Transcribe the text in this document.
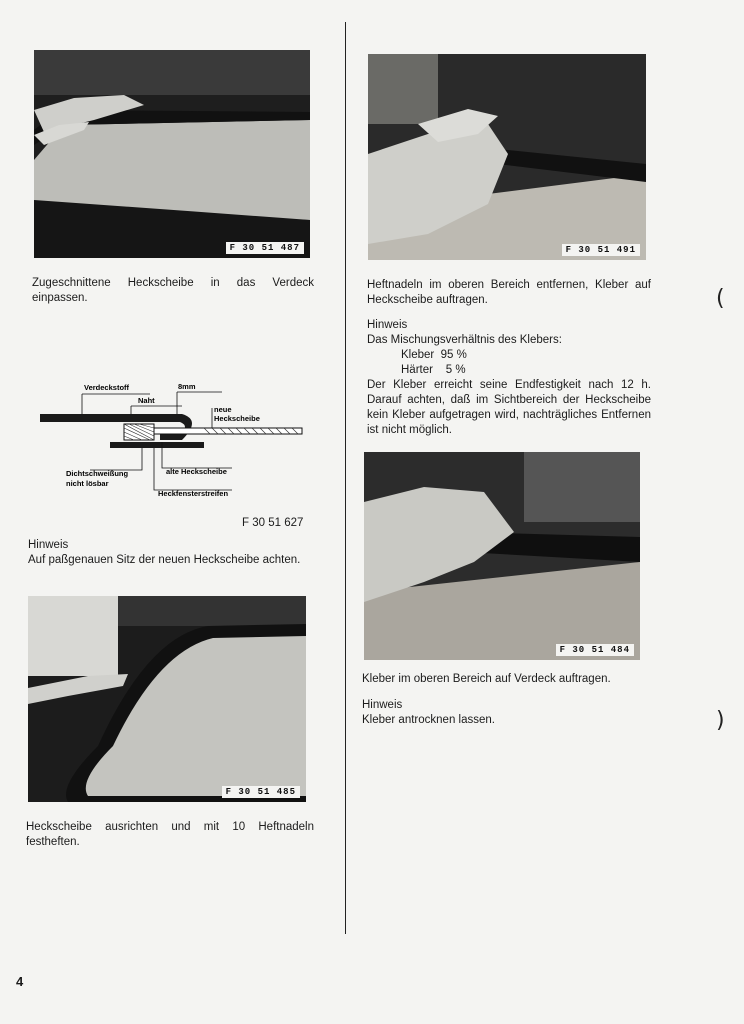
F 30 51 487
Zugeschnittene Heckscheibe in das Verdeck einpassen.
Verdeckstoff
Naht
8mm
neue
Heckscheibe
Dichtschweißung
nicht lösbar
alte Heckscheibe
Heckfensterstreifen
F 30 51 627
Hinweis
Auf paßgenauen Sitz der neuen Heckscheibe achten.
F 30 51 485
Heckscheibe ausrichten und mit 10 Heftnadeln festheften.
F 30 51 491
Heftnadeln im oberen Bereich entfernen, Kleber auf Heckscheibe auftragen.
Hinweis
Das Mischungsverhältnis des Klebers:
Kleber  95 %
Härter    5 %
Der Kleber erreicht seine Endfestigkeit nach 12 h. Darauf achten, daß im Sichtbereich der Heckscheibe kein Kleber aufgetragen wird, nachträgliches Entfernen ist nicht möglich.
F 30 51 484
Kleber im oberen Bereich auf Verdeck auftragen.
Hinweis
Kleber antrocknen lassen.
(
)
4
